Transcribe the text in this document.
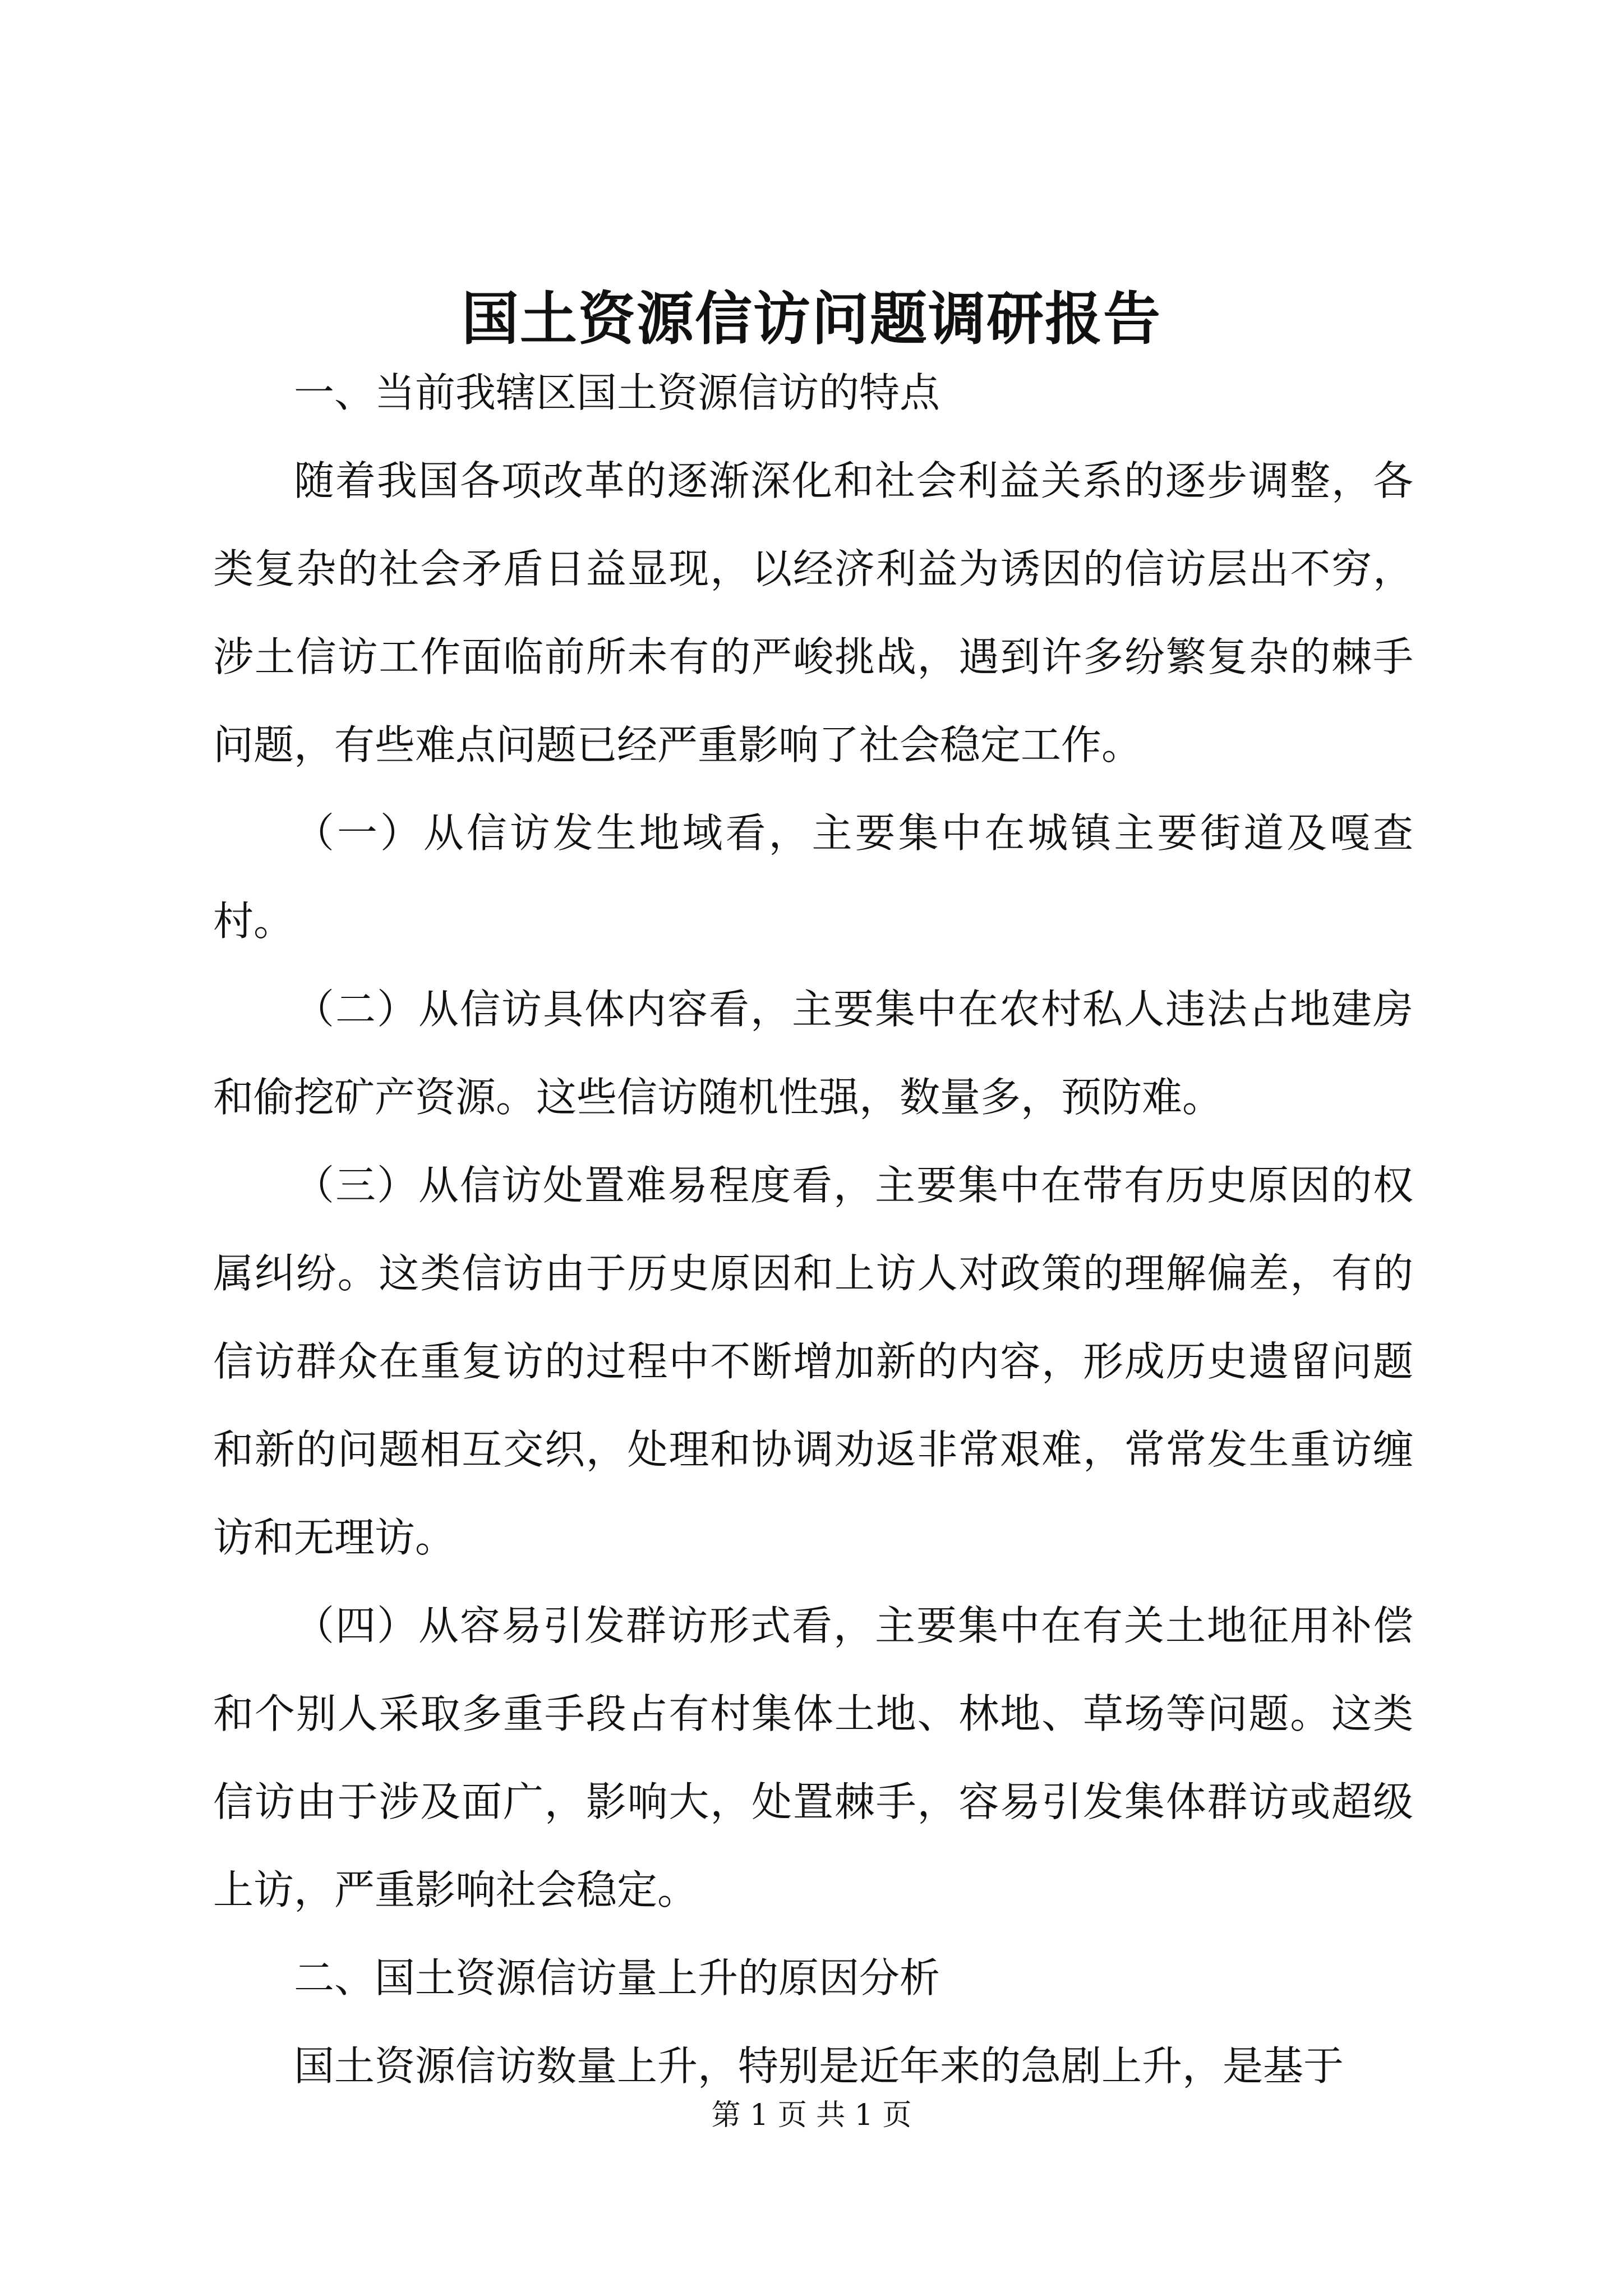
国土资源信访问题调研报告

一、当前我辖区国土资源信访的特点

随着我国各项改革的逐渐深化和社会利益关系的逐步调整，各类复杂的社会矛盾日益显现，以经济利益为诱因的信访层出不穷，涉土信访工作面临前所未有的严峻挑战，遇到许多纷繁复杂的棘手问题，有些难点问题已经严重影响了社会稳定工作。

（一）从信访发生地域看，主要集中在城镇主要街道及嘎查村。

（二）从信访具体内容看，主要集中在农村私人违法占地建房和偷挖矿产资源。这些信访随机性强，数量多，预防难。

（三）从信访处置难易程度看，主要集中在带有历史原因的权属纠纷。这类信访由于历史原因和上访人对政策的理解偏差，有的信访群众在重复访的过程中不断增加新的内容，形成历史遗留问题和新的问题相互交织，处理和协调劝返非常艰难，常常发生重访缠访和无理访。

（四）从容易引发群访形式看，主要集中在有关土地征用补偿和个别人采取多重手段占有村集体土地、林地、草场等问题。这类信访由于涉及面广，影响大，处置棘手，容易引发集体群访或超级上访，严重影响社会稳定。

二、国土资源信访量上升的原因分析

国土资源信访数量上升，特别是近年来的急剧上升，是基于

第 1 页 共 1 页
